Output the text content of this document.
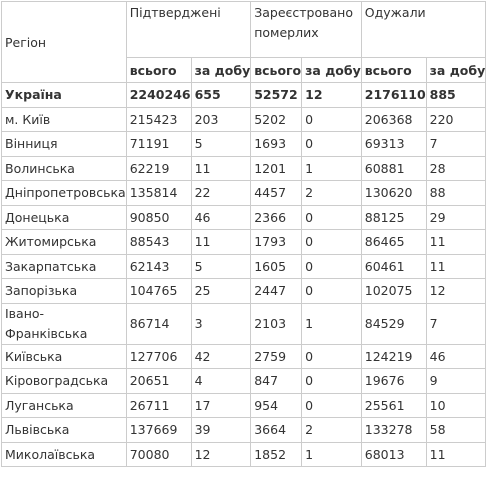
Регіон	Підтверджені		Зареєстровано померлих		Одужали	
	всього	за добу	всього	за добу	всього	за добу
Україна	2240246	655	52572	12	2176110	885
м. Київ	215423	203	5202	0	206368	220
Вінниця	71191	5	1693	0	69313	7
Волинська	62219	11	1201	1	60881	28
Дніпропетровська	135814	22	4457	2	130620	88
Донецька	90850	46	2366	0	88125	29
Житомирська	88543	11	1793	0	86465	11
Закарпатська	62143	5	1605	0	60461	11
Запорізька	104765	25	2447	0	102075	12
Івано-Франківська	86714	3	2103	1	84529	7
Київська	127706	42	2759	0	124219	46
Кіровоградська	20651	4	847	0	19676	9
Луганська	26711	17	954	0	25561	10
Львівська	137669	39	3664	2	133278	58
Миколаївська	70080	12	1852	1	68013	11
